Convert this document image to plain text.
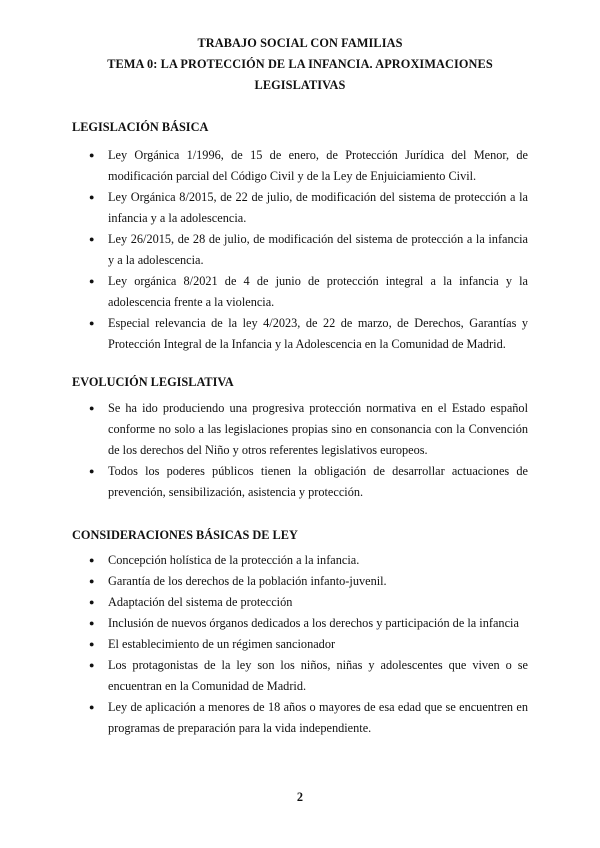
TRABAJO SOCIAL CON FAMILIAS
TEMA 0: LA PROTECCIÓN DE LA INFANCIA. APROXIMACIONES
LEGISLATIVAS
LEGISLACIÓN BÁSICA
● Ley Orgánica 1/1996, de 15 de enero, de Protección Jurídica del Menor, de modificación parcial del Código Civil y de la Ley de Enjuiciamiento Civil.
● Ley Orgánica 8/2015, de 22 de julio, de modificación del sistema de protección a la infancia y a la adolescencia.
● Ley 26/2015, de 28 de julio, de modificación del sistema de protección a la infancia y a la adolescencia.
● Ley orgánica 8/2021 de 4 de junio de protección integral a la infancia y la adolescencia frente a la violencia.
● Especial relevancia de la ley 4/2023, de 22 de marzo, de Derechos, Garantías y Protección Integral de la Infancia y la Adolescencia en la Comunidad de Madrid.
EVOLUCIÓN LEGISLATIVA
● Se ha ido produciendo una progresiva protección normativa en el Estado español conforme no solo a las legislaciones propias sino en consonancia con la Convención de los derechos del Niño y otros referentes legislativos europeos.
● Todos los poderes públicos tienen la obligación de desarrollar actuaciones de prevención, sensibilización, asistencia y protección.
CONSIDERACIONES BÁSICAS DE LEY
● Concepción holística de la protección a la infancia.
● Garantía de los derechos de la población infanto-juvenil.
● Adaptación del sistema de protección
● Inclusión de nuevos órganos dedicados a los derechos y participación de la infancia
● El establecimiento de un régimen sancionador
● Los protagonistas de la ley son los niños, niñas y adolescentes que viven o se encuentran en la Comunidad de Madrid.
● Ley de aplicación a menores de 18 años o mayores de esa edad que se encuentren en programas de preparación para la vida independiente.
2
